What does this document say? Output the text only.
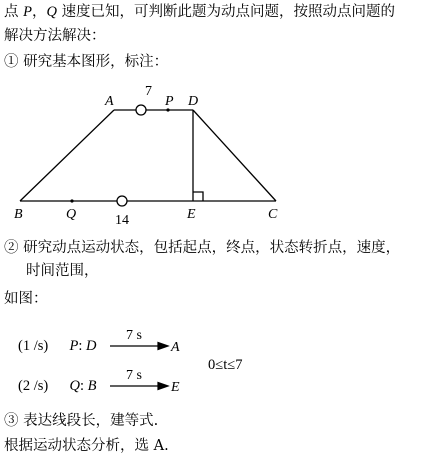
点 P，Q 速度已知，可判断此题为动点问题，按照动点问题的
解决方法解决：
① 研究基本图形，标注：
A
7
P D
B	Q	14	E	C
② 研究动点运动状态，包括起点，终点，状态转折点，速度，
时间范围，
如图：
(1 /s) P: D
(2 /s) Q: B
7 s
7 s
A
E
0≤t≤7
③ 表达线段长，建等式.
根据运动状态分析，选 A.
